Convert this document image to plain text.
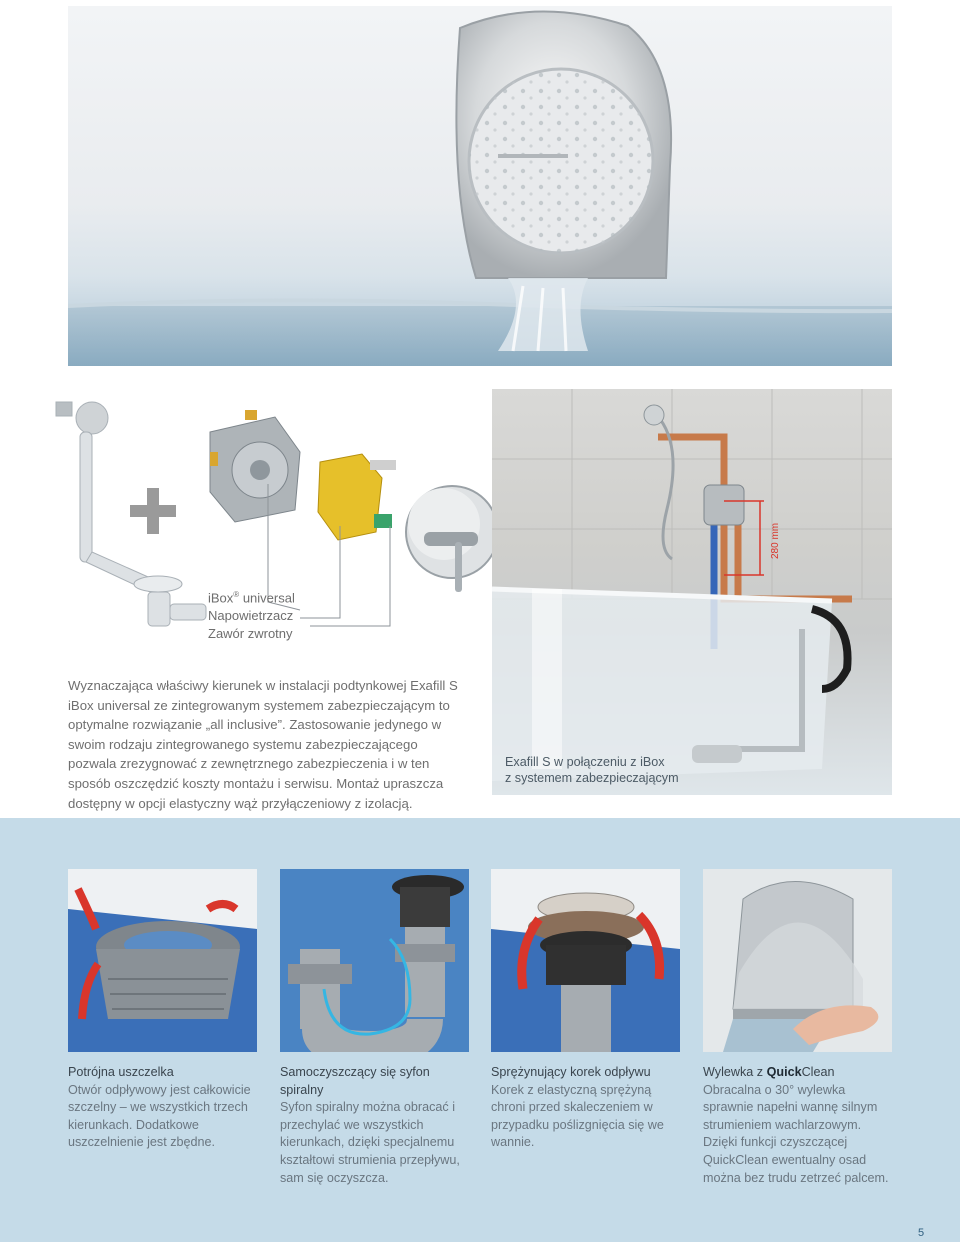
iBox® universal
Napowietrzacz
Zawór zwrotny
Wyznaczająca właściwy kierunek w instalacji podtynkowej Exafill S iBox universal ze zintegrowanym systemem zabezpieczającym to optymalne rozwiązanie „all inclusive”. Zastosowanie jedynego w swoim rodzaju zintegrowanego systemu zabezpieczającego pozwala zrezygnować z zewnętrznego zabezpieczenia i w ten sposób oszczędzić koszty montażu i serwisu. Montaż upraszcza dostępny w opcji elastyczny wąż przyłączeniowy z izolacją.
280 mm
Exafill S w połączeniu z iBox
z systemem zabezpieczającym
Potrójna uszczelka
Otwór odpływowy jest całkowicie szczelny – we wszystkich trzech kierunkach. Dodatkowe uszczelnienie jest zbędne.
Samoczyszczący się syfon spiralny
Syfon spiralny można obracać i przechylać we wszystkich kierunkach, dzięki specjalnemu kształtowi strumienia przepływu, sam się oczyszcza.
Sprężynujący korek odpływu
Korek z elastyczną sprężyną chroni przed skaleczeniem w przypadku poślizgnięcia się we wannie.
Wylewka z QuickClean
Obracalna o 30° wylewka sprawnie napełni wannę silnym strumieniem wachlarzowym. Dzięki funkcji czyszczącej QuickClean ewentualny osad można bez trudu zetrzeć palcem.
5
